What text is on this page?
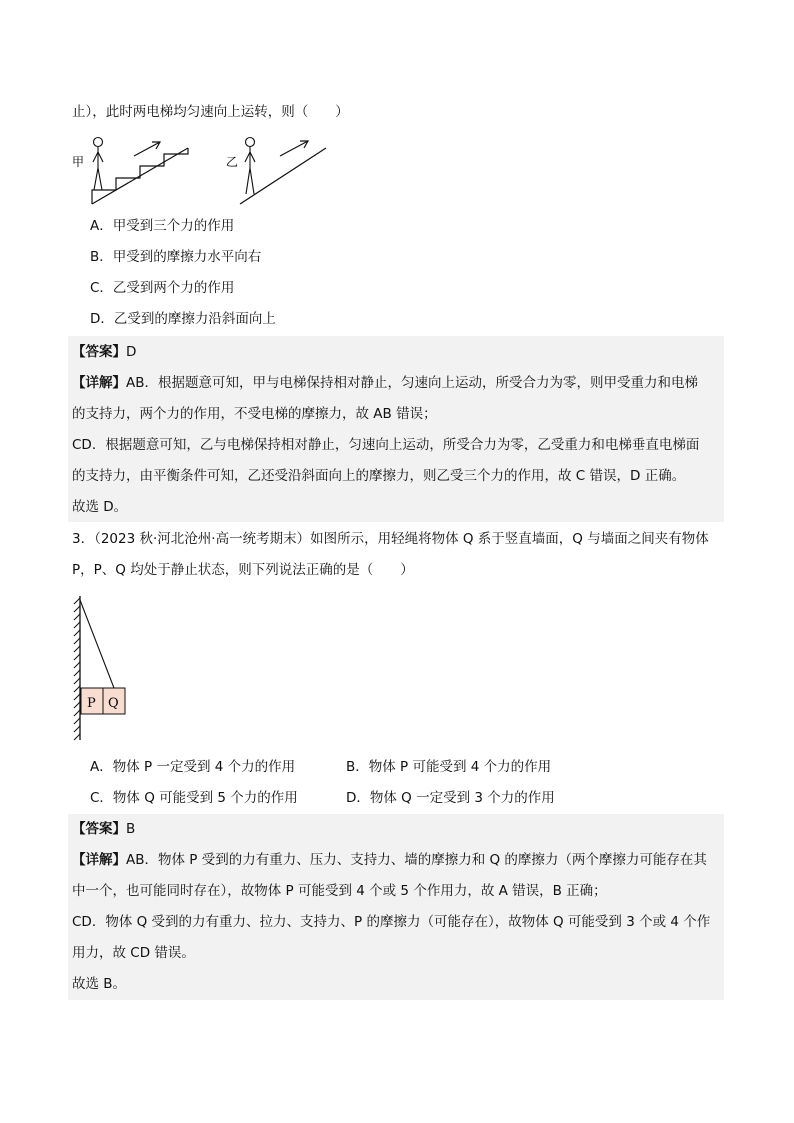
止），此时两电梯均匀速向上运转，则（　　）
甲	乙
A．甲受到三个力的作用
B．甲受到的摩擦力水平向右
C．乙受到两个力的作用
D．乙受到的摩擦力沿斜面向上
【答案】D
【详解】AB．根据题意可知，甲与电梯保持相对静止，匀速向上运动，所受合力为零，则甲受重力和电梯
的支持力，两个力的作用，不受电梯的摩擦力，故 AB 错误；
CD．根据题意可知，乙与电梯保持相对静止，匀速向上运动，所受合力为零，乙受重力和电梯垂直电梯面
的支持力，由平衡条件可知，乙还受沿斜面向上的摩擦力，则乙受三个力的作用，故 C 错误，D 正确。
故选 D。
3．（2023 秋·河北沧州·高一统考期末）如图所示，用轻绳将物体 Q 系于竖直墙面，Q 与墙面之间夹有物体
P，P、Q 均处于静止状态，则下列说法正确的是（　　）
P Q
A．物体 P 一定受到 4 个力的作用	B．物体 P 可能受到 4 个力的作用
C．物体 Q 可能受到 5 个力的作用	D．物体 Q 一定受到 3 个力的作用
【答案】B
【详解】AB．物体 P 受到的力有重力、压力、支持力、墙的摩擦力和 Q 的摩擦力（两个摩擦力可能存在其
中一个，也可能同时存在），故物体 P 可能受到 4 个或 5 个作用力，故 A 错误，B 正确；
CD．物体 Q 受到的力有重力、拉力、支持力、P 的摩擦力（可能存在），故物体 Q 可能受到 3 个或 4 个作
用力，故 CD 错误。
故选 B。
